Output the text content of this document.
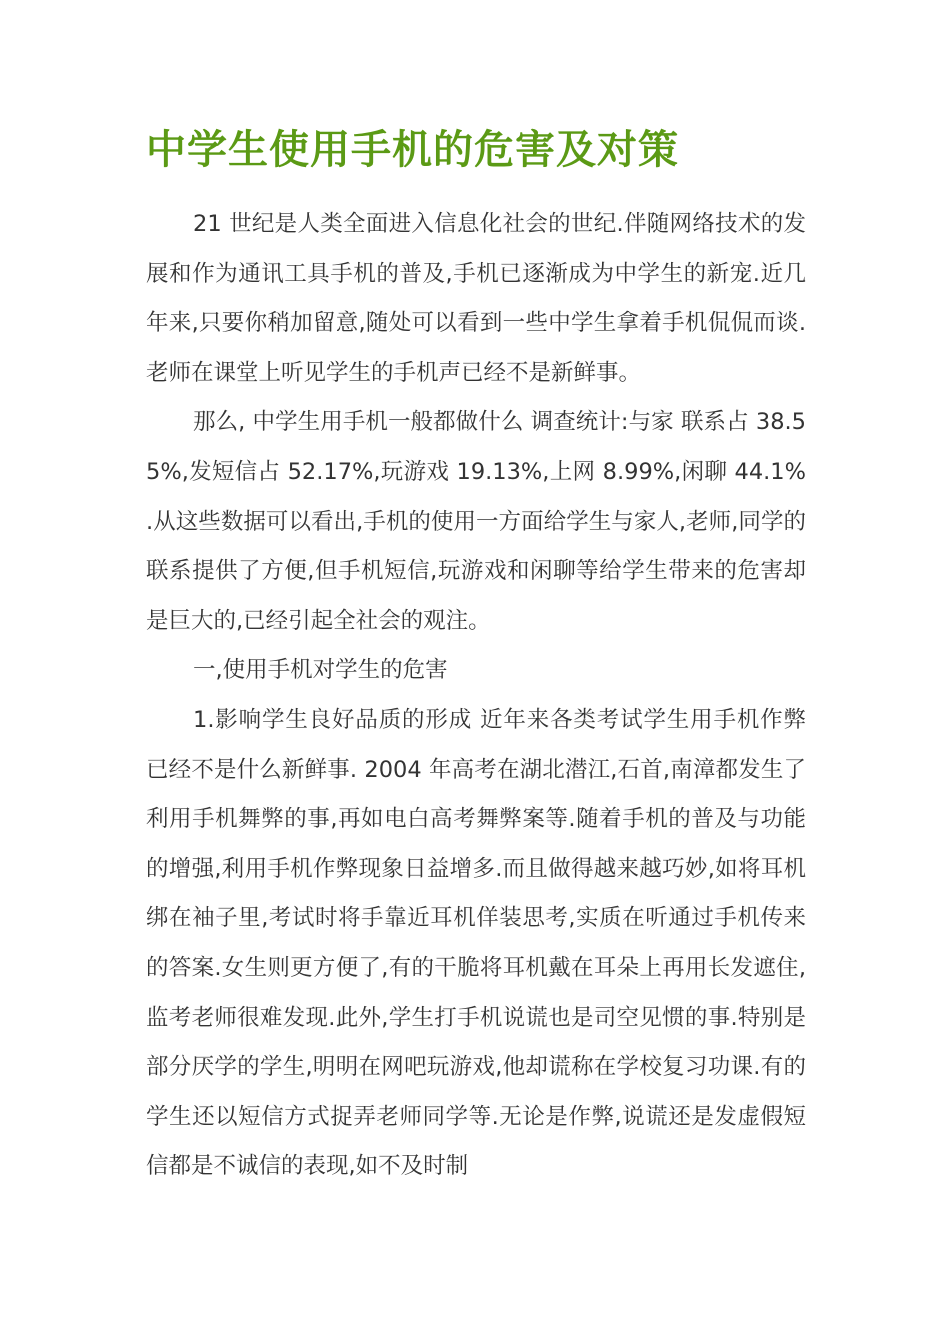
中学生使用手机的危害及对策

21 世纪是人类全面进入信息化社会的世纪.伴随网络技术的发展和作为通讯工具手机的普及,手机已逐渐成为中学生的新宠.近几年来,只要你稍加留意,随处可以看到一些中学生拿着手机侃侃而谈.老师在课堂上听见学生的手机声已经不是新鲜事。

那么, 中学生用手机一般都做什么 调查统计:与家 联系占 38.55%,发短信占 52.17%,玩游戏 19.13%,上网 8.99%,闲聊 44.1%.从这些数据可以看出,手机的使用一方面给学生与家人,老师,同学的联系提供了方便,但手机短信,玩游戏和闲聊等给学生带来的危害却是巨大的,已经引起全社会的观注。

一,使用手机对学生的危害

1.影响学生良好品质的形成 近年来各类考试学生用手机作弊已经不是什么新鲜事. 2004 年高考在湖北潜江,石首,南漳都发生了利用手机舞弊的事,再如电白高考舞弊案等.随着手机的普及与功能的增强,利用手机作弊现象日益增多.而且做得越来越巧妙,如将耳机绑在袖子里,考试时将手靠近耳机佯装思考,实质在听通过手机传来的答案.女生则更方便了,有的干脆将耳机戴在耳朵上再用长发遮住,监考老师很难发现.此外,学生打手机说谎也是司空见惯的事.特别是部分厌学的学生,明明在网吧玩游戏,他却谎称在学校复习功课.有的学生还以短信方式捉弄老师同学等.无论是作弊,说谎还是发虚假短信都是不诚信的表现,如不及时制
